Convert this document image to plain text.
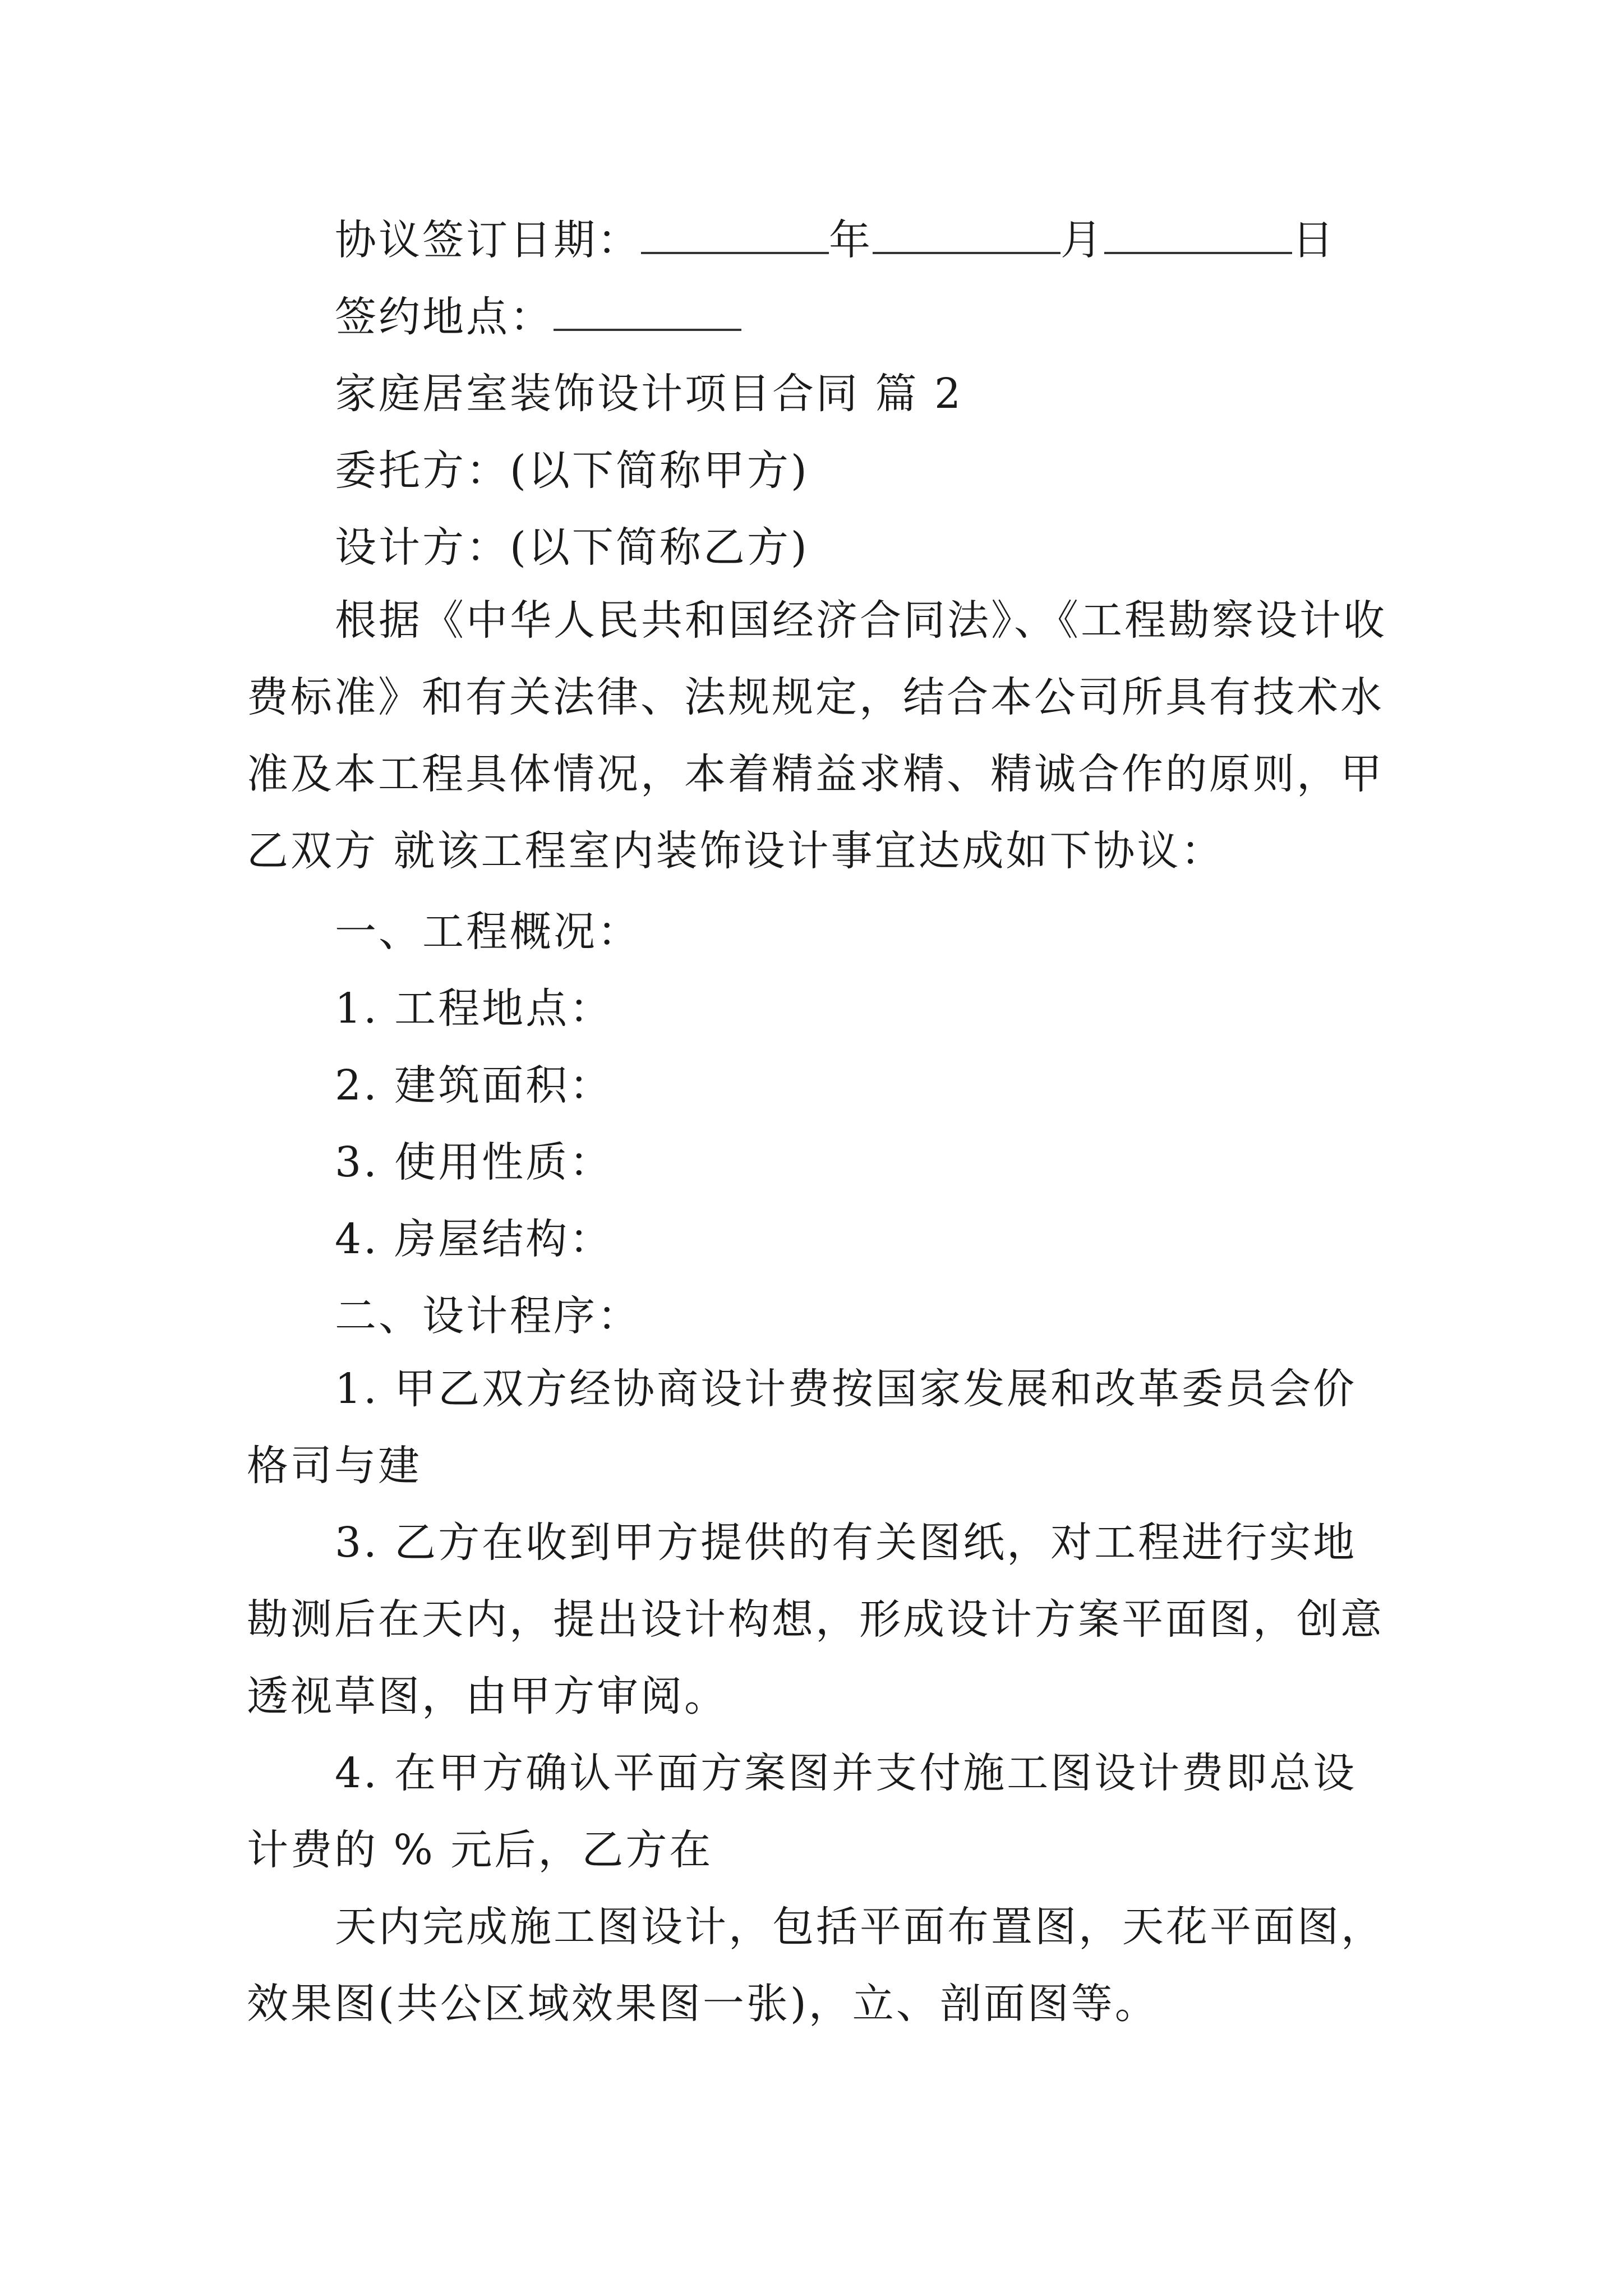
协议签订日期：	年	月	日
签约地点：
家庭居室装饰设计项目合同 篇 2
委托方：(以下简称甲方)
设计方：(以下简称乙方)
根据《中华人民共和国经济合同法》、《工程勘察设计收费标准》和有关法律、法规规定，结合本公司所具有技术水准及本工程具体情况，本着精益求精、精诚合作的原则，甲乙双方 就该工程室内装饰设计事宜达成如下协议：
一、工程概况：
1. 工程地点：
2. 建筑面积：
3. 使用性质：
4. 房屋结构：
二、设计程序：
1. 甲乙双方经协商设计费按国家发展和改革委员会价格司与建
3. 乙方在收到甲方提供的有关图纸，对工程进行实地勘测后在天内，提出设计构想，形成设计方案平面图，创意透视草图，由甲方审阅。
4. 在甲方确认平面方案图并支付施工图设计费即总设计费的 % 元后，乙方在
天内完成施工图设计，包括平面布置图，天花平面图，效果图(共公区域效果图一张)，立、剖面图等。
